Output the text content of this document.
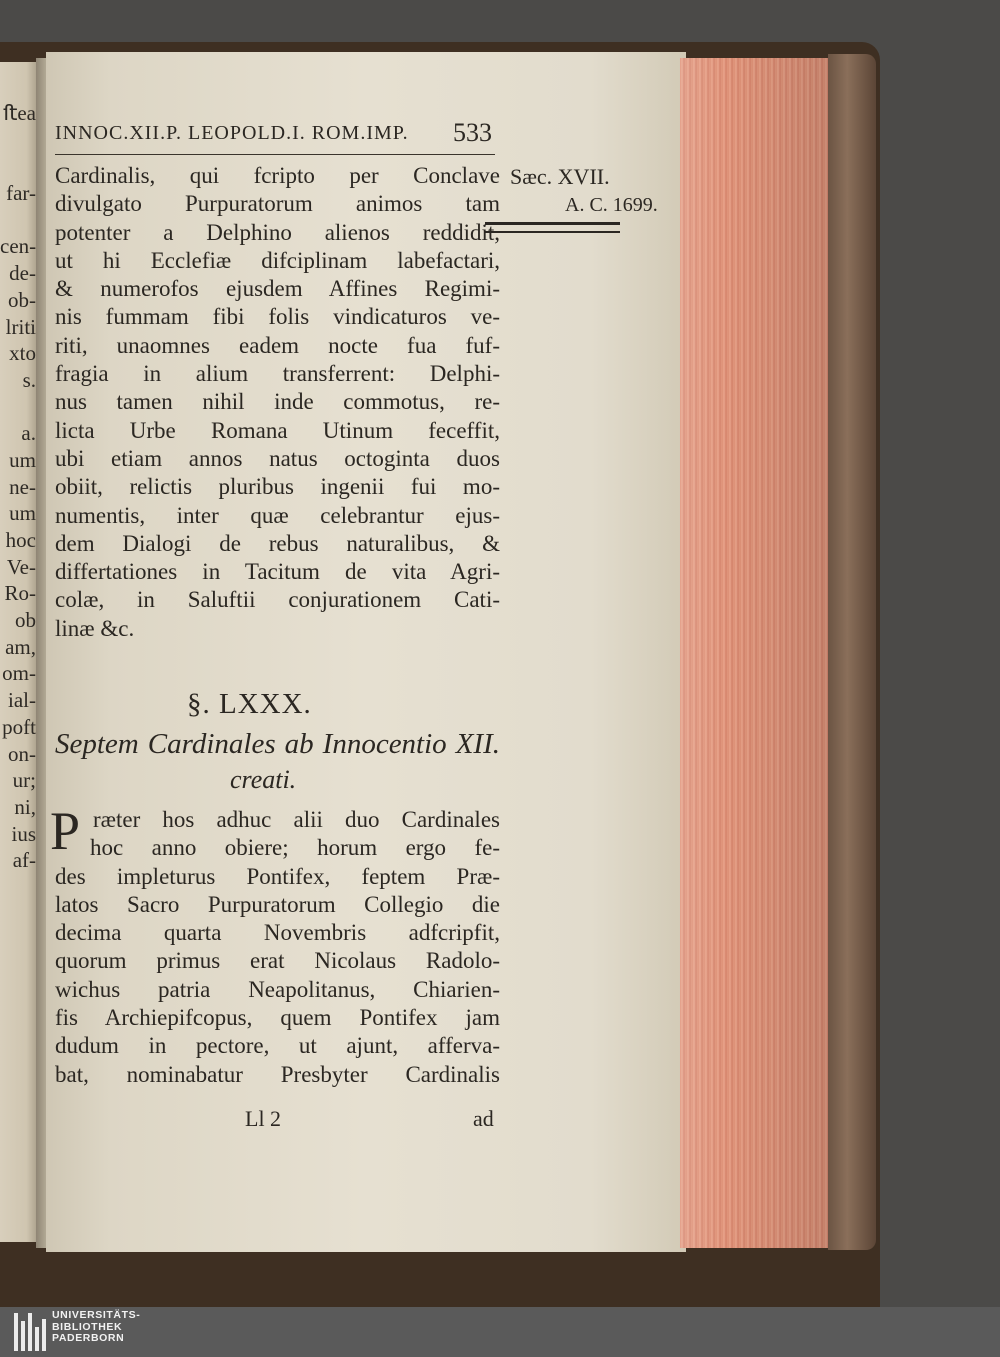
ﬅea
far-
cen-
de-
ob-
lriti
xto
s.
a.
um
ne-
um
hoc
Ve-
Ro-
ob
am,
om-
ial-
poft
on-
ur;
ni,
ius
af-
INNOC.XII.P. LEOPOLD.I. ROM.IMP. 533
Sæc. XVII.
A. C. 1699.
Cardinalis, qui fcripto per Conclave
divulgato Purpuratorum animos tam
potenter a Delphino alienos reddidit,
ut hi Ecclefiæ difciplinam labefactari,
& numerofos ejusdem Affines Regimi-
nis fummam fibi folis vindicaturos ve-
riti, unaomnes eadem nocte fua fuf-
fragia in alium transferrent: Delphi-
nus tamen nihil inde commotus, re-
licta Urbe Romana Utinum feceffit,
ubi etiam annos natus octoginta duos
obiit, relictis pluribus ingenii fui mo-
numentis, inter quæ celebrantur ejus-
dem Dialogi de rebus naturalibus, &
differtationes in Tacitum de vita Agri-
colæ, in Saluftii conjurationem Cati-
linæ &c.
§. LXXX.
Septem Cardinales ab Innocentio XII.
creati.
P ræter hos adhuc alii duo Cardinales
hoc anno obiere; horum ergo fe-
des impleturus Pontifex, feptem Præ-
latos Sacro Purpuratorum Collegio die
decima quarta Novembris adfcripfit,
quorum primus erat Nicolaus Radolo-
wichus patria Neapolitanus, Chiarien-
fis Archiepifcopus, quem Pontifex jam
dudum in pectore, ut ajunt, afferva-
bat, nominabatur Presbyter Cardinalis
Ll 2	ad
UNIVERSITÄTS-
BIBLIOTHEK
PADERBORN
